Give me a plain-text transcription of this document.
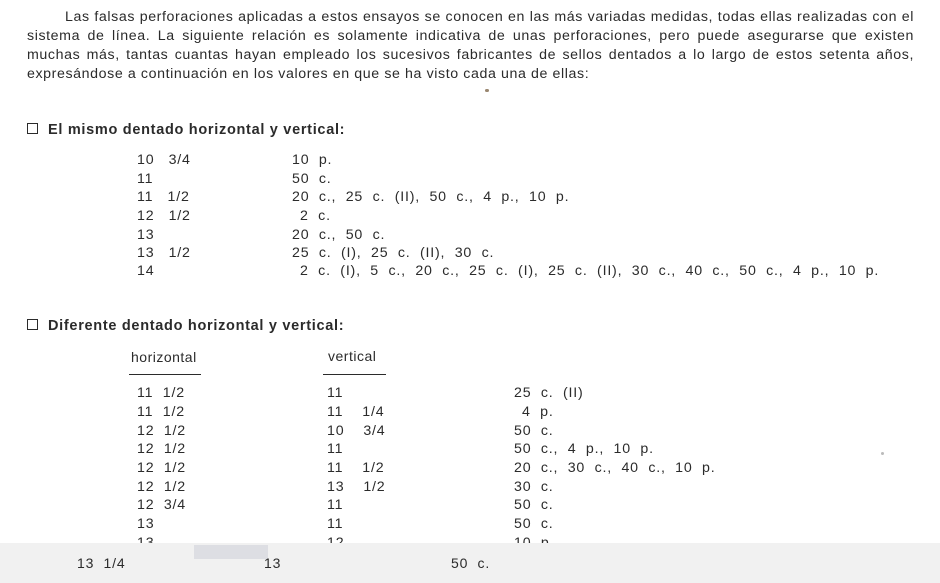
Las falsas perforaciones aplicadas a estos ensayos se conocen en las más variadas medidas, todas ellas realizadas con el sistema de línea. La siguiente relación es solamente indicativa de unas perforaciones, pero puede asegurarse que existen muchas más, tantas cuantas hayan empleado los sucesivos fabricantes de sellos dentados a lo largo de estos setenta años, expresándose a continuación en los valores en que se ha visto cada una de ellas:

El mismo dentado horizontal y vertical:
10   3/4	10  p.
11	50  c.
11   1/2	20  c.,  25  c.  (II),  50  c.,  4  p.,  10  p.
12   1/2	2  c.
13	20  c.,  50  c.
13   1/2	25  c.  (I),  25  c.  (II),  30  c.
14	2  c.  (I),  5  c.,  20  c.,  25  c.  (I),  25  c.  (II),  30  c.,  40  c.,  50  c.,  4  p.,  10  p.
Diferente dentado horizontal y vertical:
horizontal	vertical
11  1/2	11	25  c.  (II)
11  1/2	11    1/4	4  p.
12  1/2	10    3/4	50  c.
12  1/2	11	50  c.,  4  p.,  10  p.
12  1/2	11    1/2	20  c.,  30  c.,  40  c.,  10  p.
12  1/2	13    1/2	30  c.
12  3/4	11	50  c.
13	11	50  c.
13  1/4	13	50  c.
